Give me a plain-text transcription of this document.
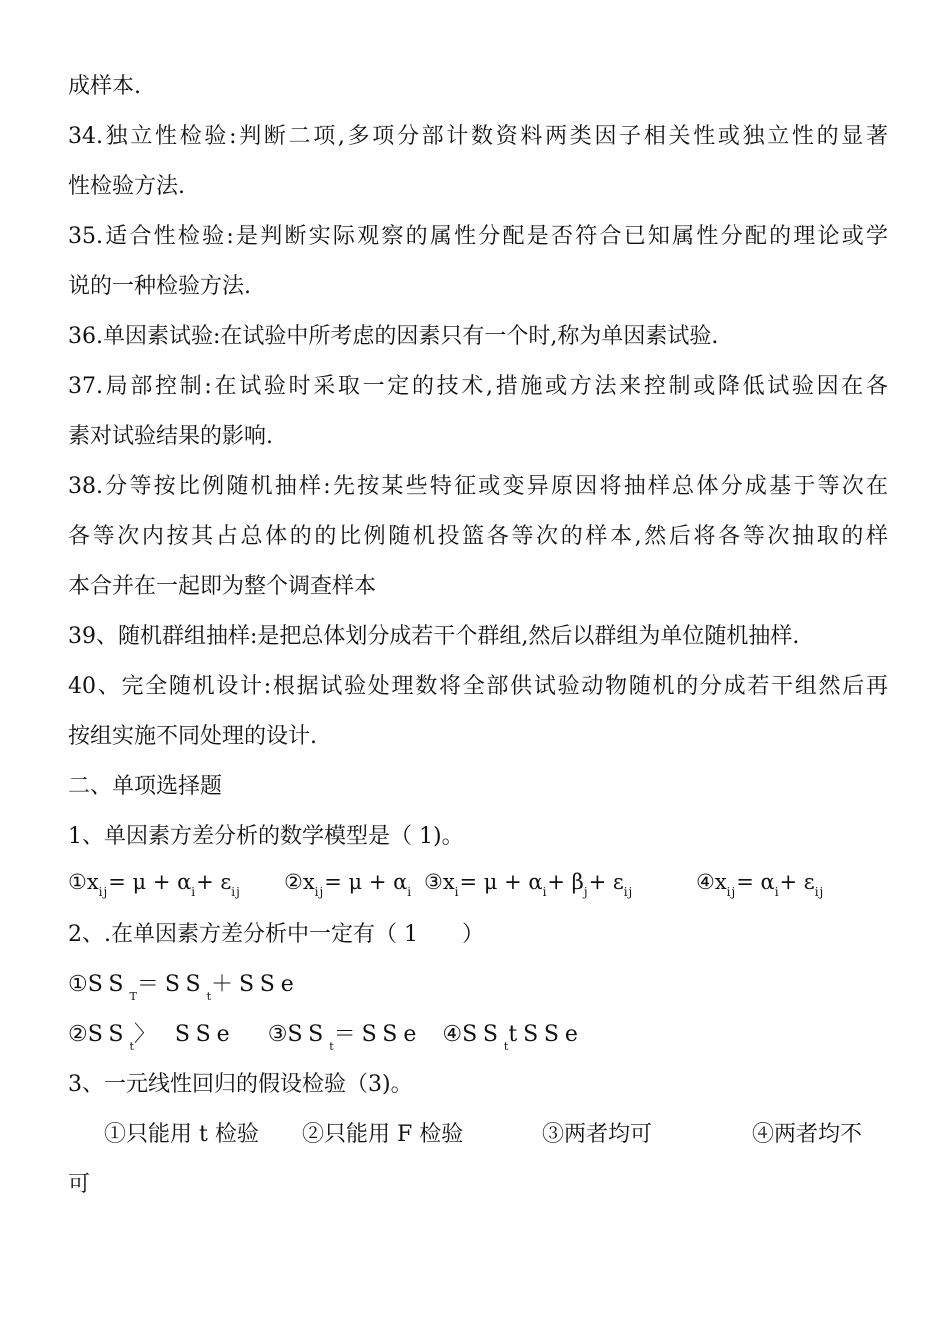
成样本.
34.独立性检验:判断二项,多项分部计数资料两类因子相关性或独立性的显著
性检验方法.
35.适合性检验:是判断实际观察的属性分配是否符合已知属性分配的理论或学
说的一种检验方法.
36.单因素试验:在试验中所考虑的因素只有一个时,称为单因素试验.
37.局部控制:在试验时采取一定的技术,措施或方法来控制或降低试验因在各
素对试验结果的影响.
38.分等按比例随机抽样:先按某些特征或变异原因将抽样总体分成基于等次在
各等次内按其占总体的的比例随机投篮各等次的样本,然后将各等次抽取的样
本合并在一起即为整个调查样本
39、随机群组抽样:是把总体划分成若干个群组,然后以群组为单位随机抽样.
40、完全随机设计:根据试验处理数将全部供试验动物随机的分成若干组然后再
按组实施不同处理的设计.
二、单项选择题
1、单因素方差分析的数学模型是（ 1)。
$①x_{ij}= \mu + \alpha_i+ \varepsilon_{ij}$ $②x_{ij}= \mu + \alpha_i$ $③x_i= \mu + \alpha_i+ \beta_j+ \varepsilon_{ij}$	$④x_{ij}= \alpha_i+ \varepsilon_{ij}$
2、.在单因素方差分析中一定有（ 1　　）
$①SS_T=SS_t+SSe$
$②SS_t$〉 SSe $③SS_t=SSe$ $④SS_ttSSe$
3、一元线性回归的假设检验（3)。
①只能用 t 检验 ②只能用 F 检验	③两者均可	④两者均不
可
